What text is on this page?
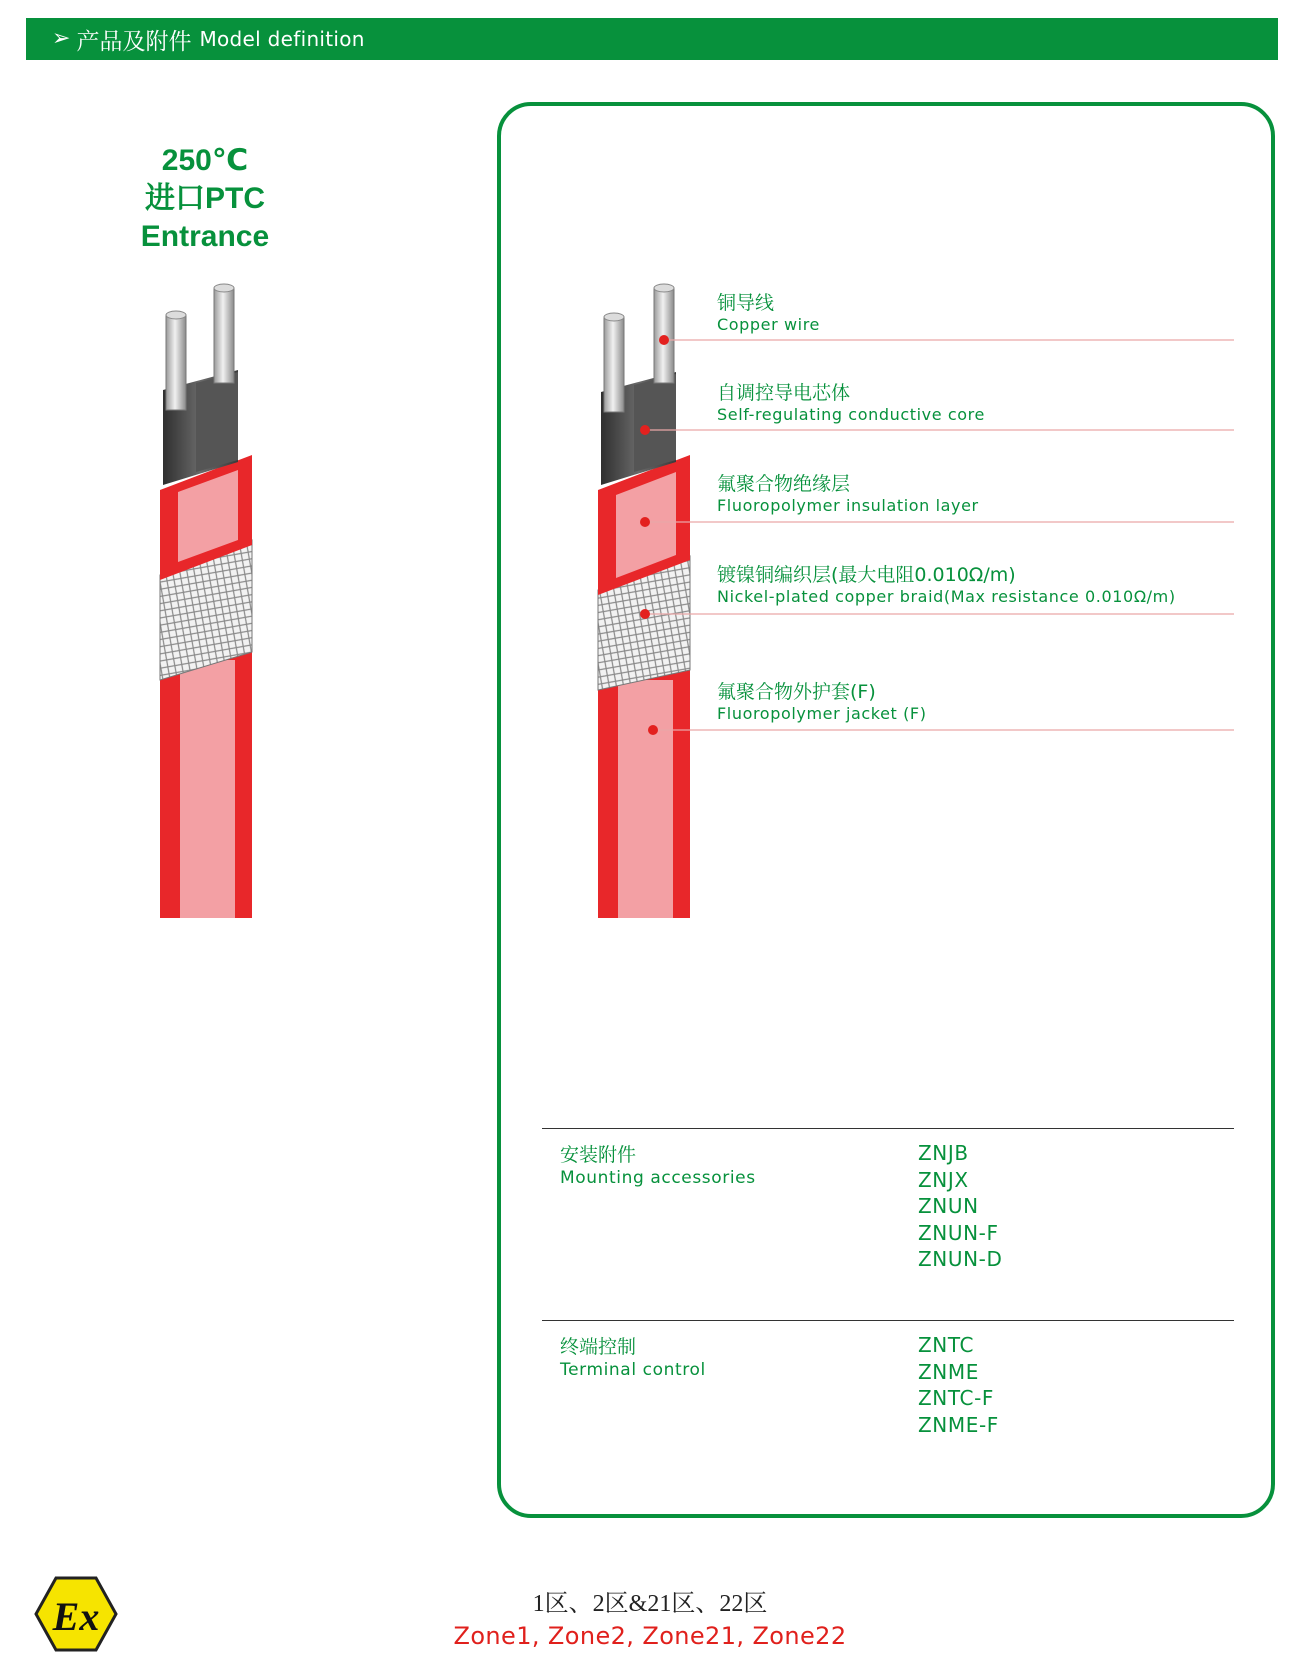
➢ 产品及附件 Model definition
250℃
进口PTC
Entrance
Ex
铜导线
Copper wire
自调控导电芯体
Self-regulating conductive core
氟聚合物绝缘层
Fluoropolymer insulation layer
镀镍铜编织层(最大电阻0.010Ω/m)
Nickel-plated copper braid(Max resistance 0.010Ω/m)
氟聚合物外护套(F)
Fluoropolymer jacket (F)
安装附件
Mounting accessories
ZNJB
ZNJX
ZNUN
ZNUN-F
ZNUN-D
终端控制
Terminal control
ZNTC
ZNME
ZNTC-F
ZNME-F
1区、2区&21区、22区
Zone1, Zone2, Zone21, Zone22
